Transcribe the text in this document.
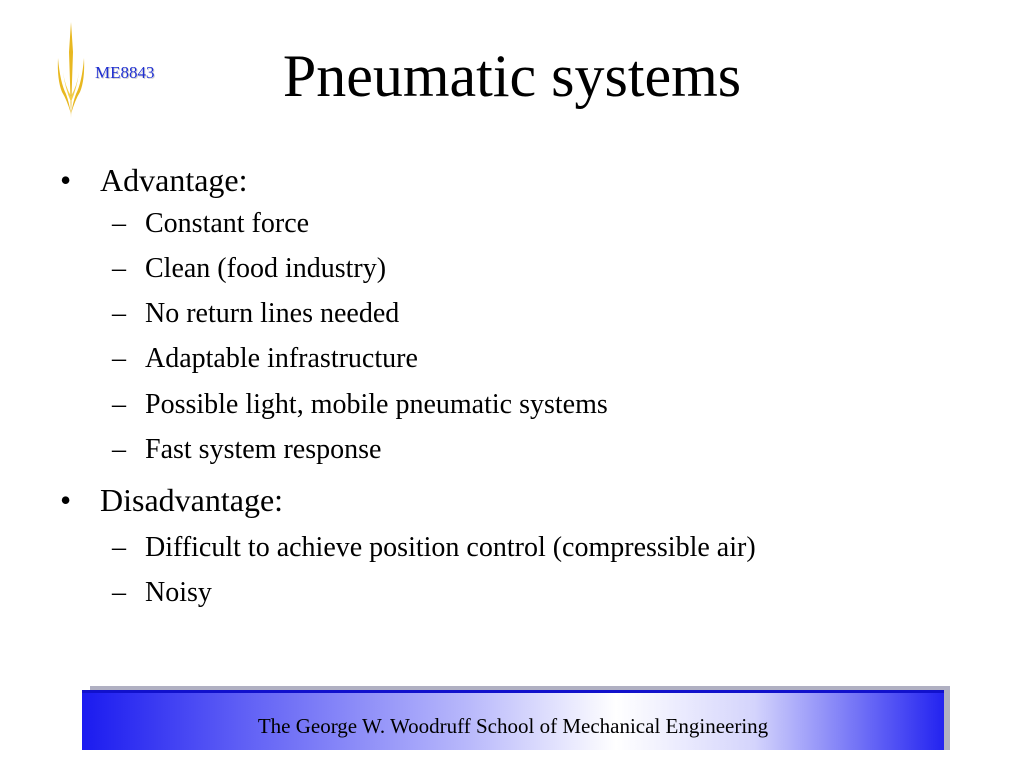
ME8843	Pneumatic systems
• Advantage:
– Constant force
– Clean (food industry)
– No return lines needed
– Adaptable infrastructure
– Possible light, mobile pneumatic systems
– Fast system response
• Disadvantage:
– Difficult to achieve position control (compressible air)
– Noisy
The George W. Woodruff School of Mechanical Engineering
